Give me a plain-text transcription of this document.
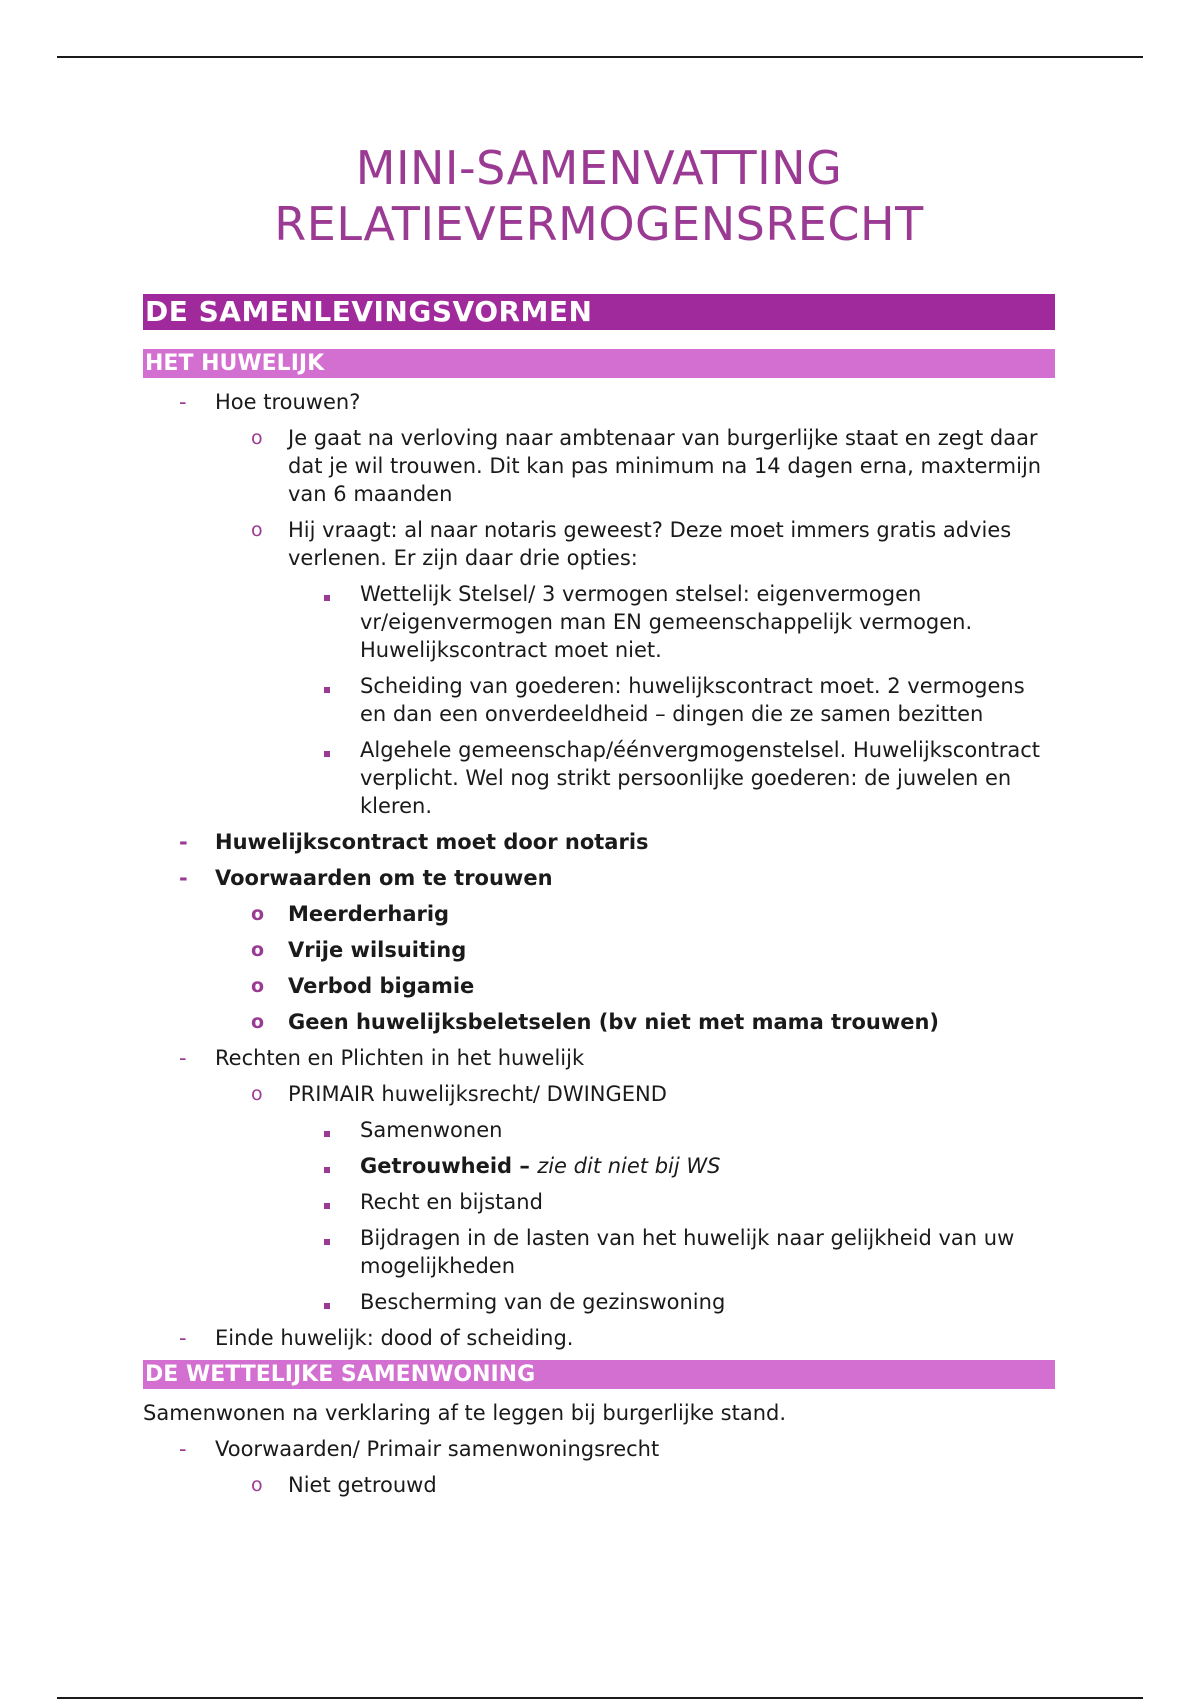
MINI-SAMENVATTING
RELATIEVERMOGENSRECHT
DE SAMENLEVINGSVORMEN
HET HUWELIJK
- Hoe trouwen?
o Je gaat na verloving naar ambtenaar van burgerlijke staat en zegt daar dat je wil trouwen. Dit kan pas minimum na 14 dagen erna, maxtermijn van 6 maanden
o Hij vraagt: al naar notaris geweest? Deze moet immers gratis advies verlenen. Er zijn daar drie opties:
Wettelijk Stelsel/ 3 vermogen stelsel: eigenvermogen vr/eigenvermogen man EN gemeenschappelijk vermogen. Huwelijkscontract moet niet.
Scheiding van goederen: huwelijkscontract moet. 2 vermogens en dan een onverdeeldheid – dingen die ze samen bezitten
Algehele gemeenschap/éénvergmogenstelsel. Huwelijkscontract verplicht. Wel nog strikt persoonlijke goederen: de juwelen en kleren.
- Huwelijkscontract moet door notaris
- Voorwaarden om te trouwen
o Meerderharig
o Vrije wilsuiting
o Verbod bigamie
o Geen huwelijksbeletselen (bv niet met mama trouwen)
- Rechten en Plichten in het huwelijk
o PRIMAIR huwelijksrecht/ DWINGEND
Samenwonen
Getrouwheid – zie dit niet bij WS
Recht en bijstand
Bijdragen in de lasten van het huwelijk naar gelijkheid van uw mogelijkheden
Bescherming van de gezinswoning
- Einde huwelijk: dood of scheiding.
DE WETTELIJKE SAMENWONING

Samenwonen na verklaring af te leggen bij burgerlijke stand.

- Voorwaarden/ Primair samenwoningsrecht
o Niet getrouwd
